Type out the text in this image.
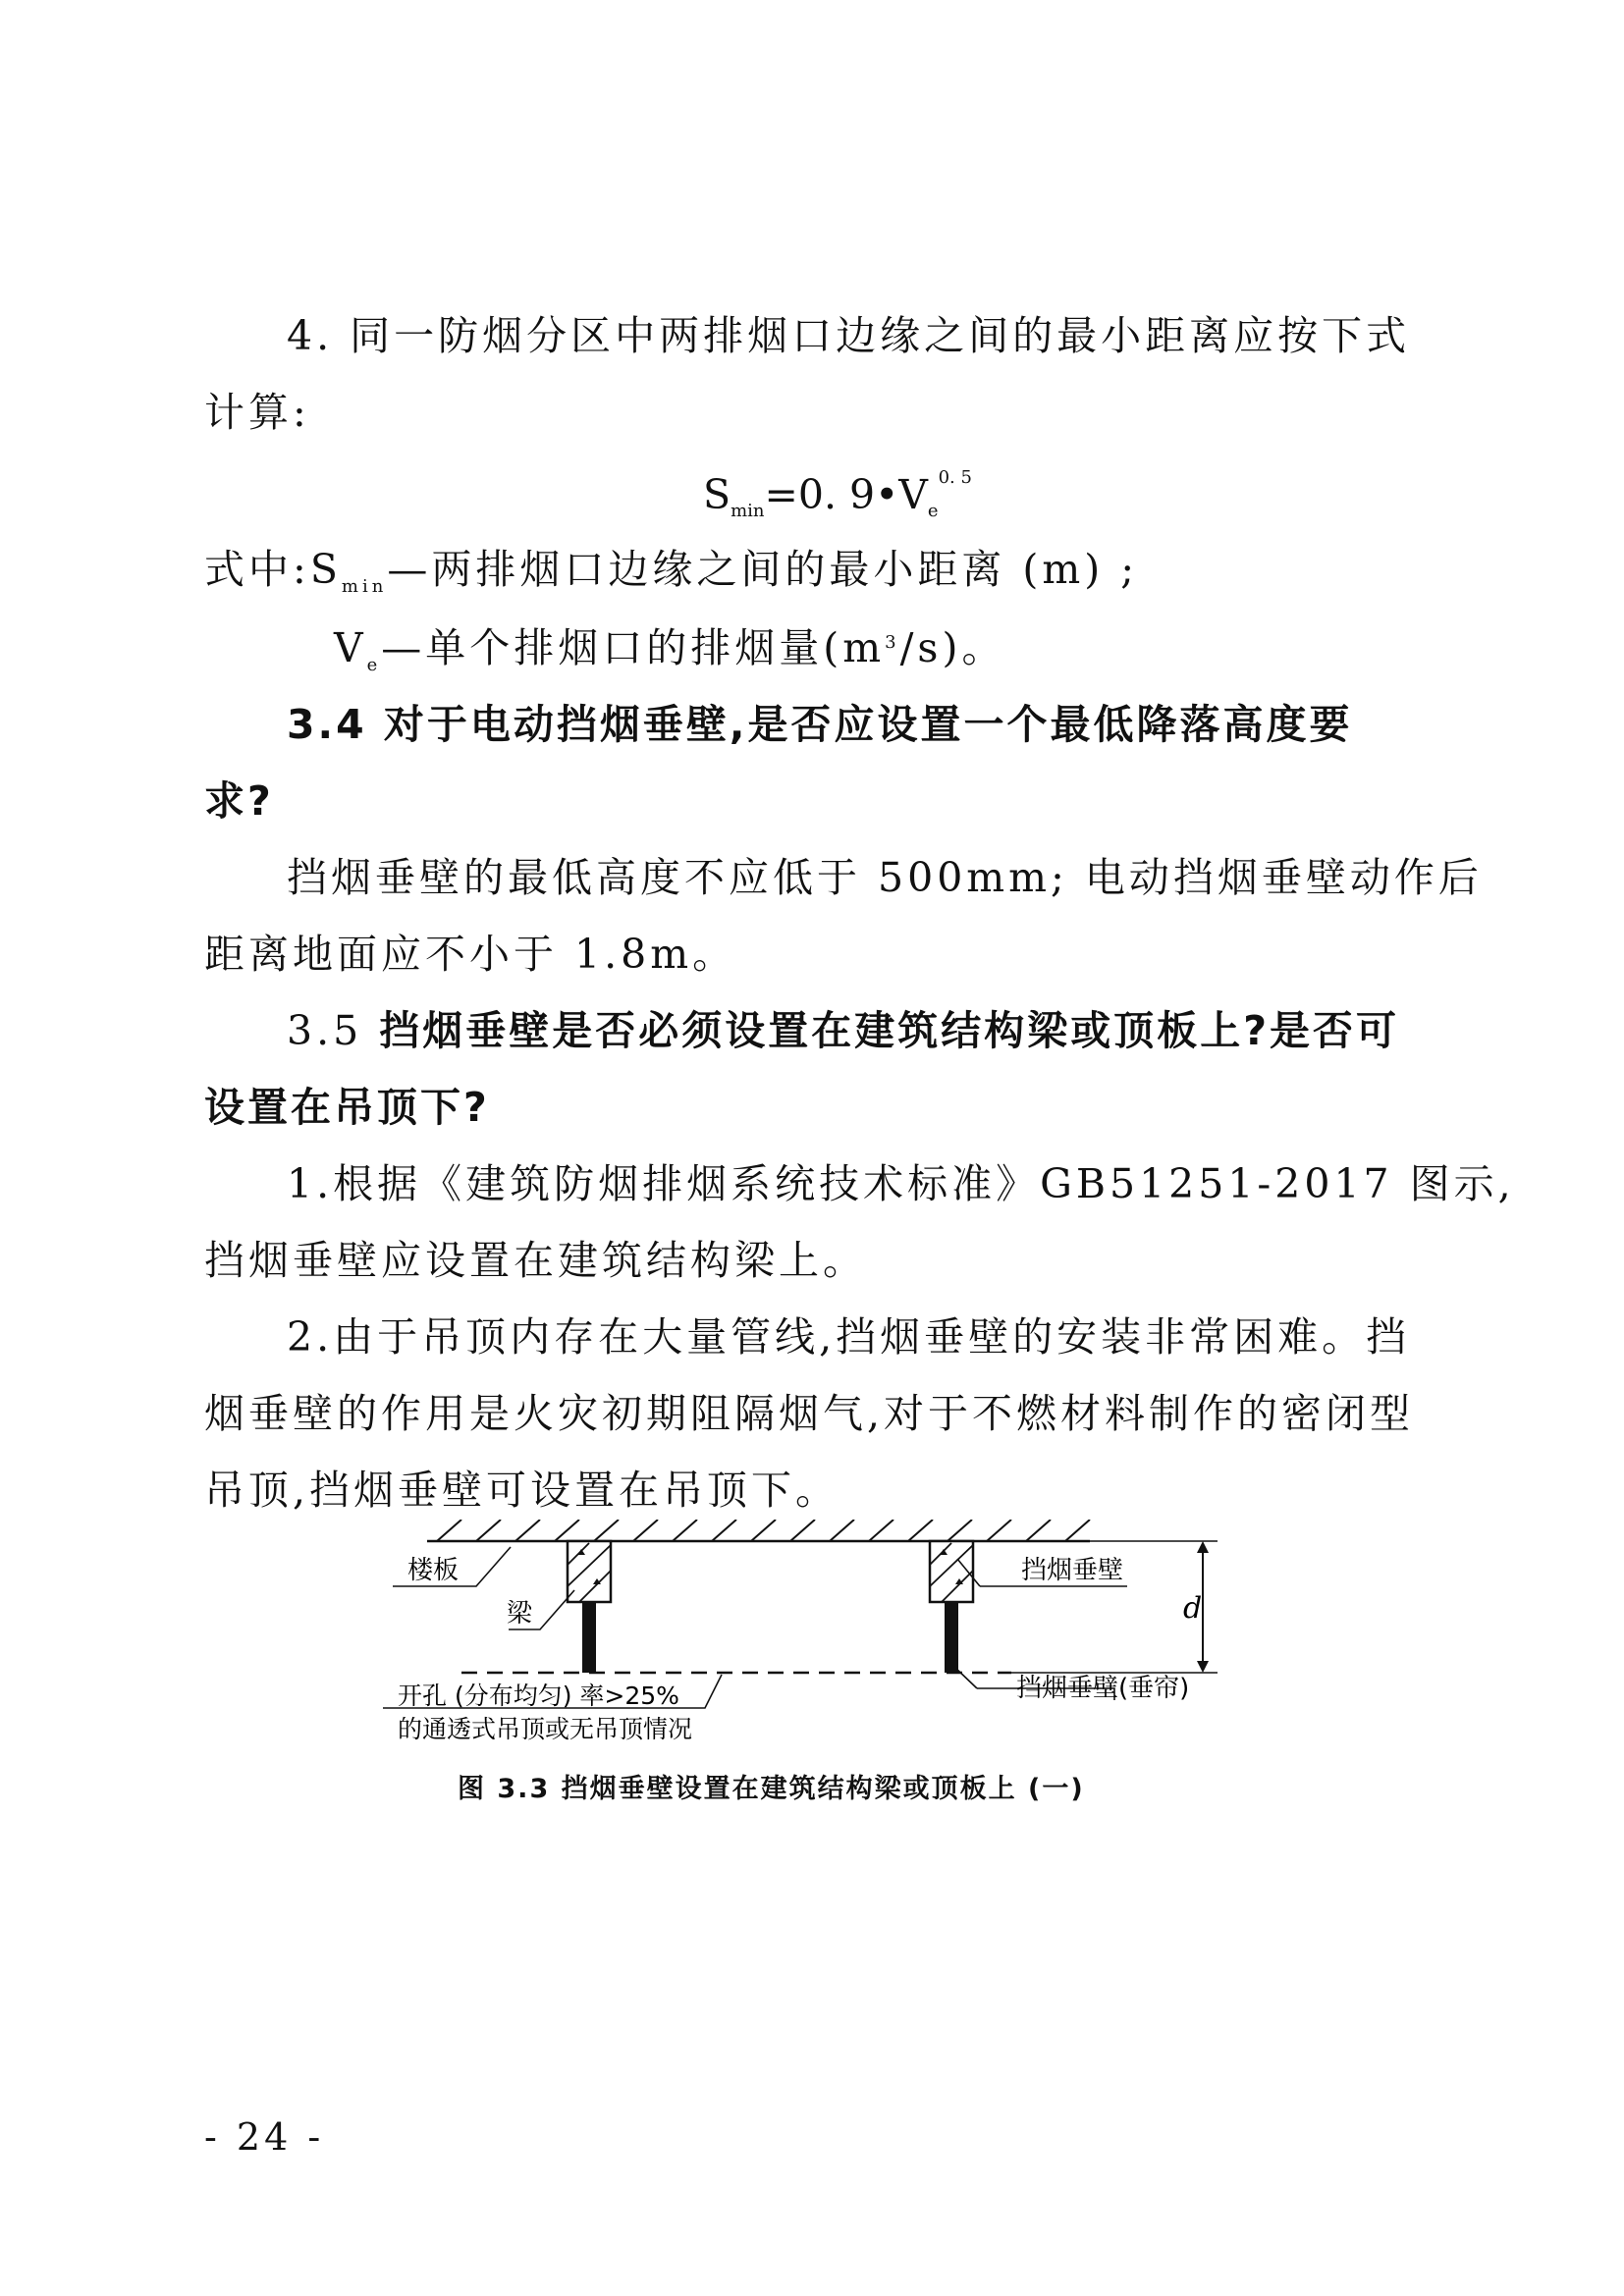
4. 同一防烟分区中两排烟口边缘之间的最小距离应按下式
计算:
$S_{min}=0$. $9•V_e^{0. 5}$
式中$:S_{min}—$两排烟口边缘之间的最小距离 (m) ;
$V_e—$单个排烟口的排烟量$(m^3/s)$。
3.4 对于电动挡烟垂壁,是否应设置一个最低降落高度要
求?
挡烟垂壁的最低高度不应低于 500mm; 电动挡烟垂壁动作后
距离地面应不小于 1.8m。
3.5 挡烟垂壁是否必须设置在建筑结构梁或顶板上?是否可
设置在吊顶下?
1.根据《建筑防烟排烟系统技术标准》GB51251-2017 图示,
挡烟垂壁应设置在建筑结构梁上。
2.由于吊顶内存在大量管线,挡烟垂壁的安装非常困难。挡
烟垂壁的作用是火灾初期阻隔烟气,对于不燃材料制作的密闭型
吊顶,挡烟垂壁可设置在吊顶下。
d
楼板
梁
挡烟垂壁
挡烟垂壁(垂帘)
开孔 (分布均匀) 率>25%
的通透式吊顶或无吊顶情况
图 3.3 挡烟垂壁设置在建筑结构梁或顶板上 (一)
- 24 -
